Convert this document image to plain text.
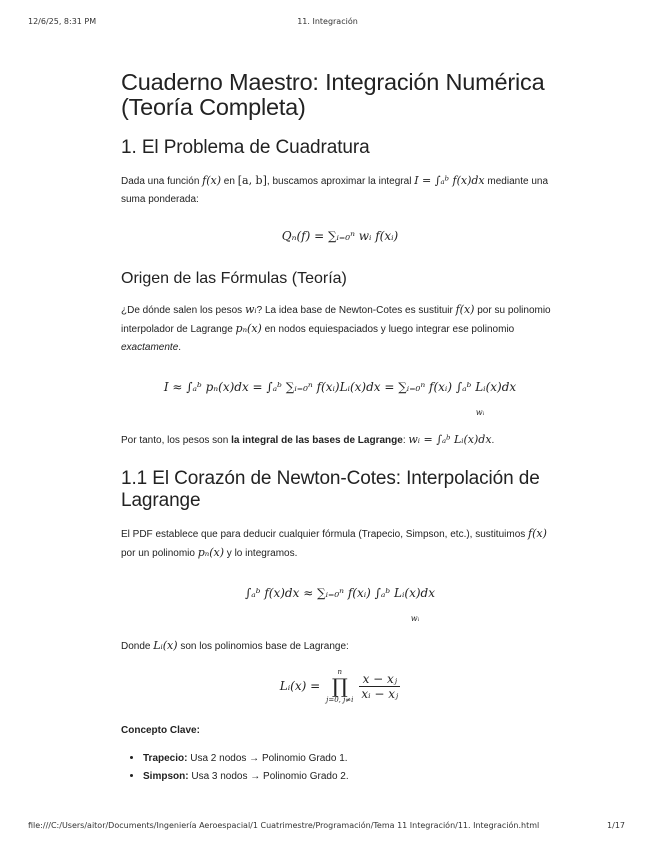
12/6/25, 8:31 PM	11. Integración
Cuaderno Maestro: Integración Numérica (Teoría Completa)
1. El Problema de Cuadratura

Dada una función f(x) en [a, b], buscamos aproximar la integral I = ∫ₐᵇ f(x)dx mediante una suma ponderada:

Qₙ(f) = ∑ᵢ₌₀ⁿ wᵢ f(xᵢ)
Origen de las Fórmulas (Teoría)

¿De dónde salen los pesos wᵢ? La idea base de Newton-Cotes es sustituir f(x) por su polinomio interpolador de Lagrange pₙ(x) en nodos equiespaciados y luego integrar ese polinomio exactamente.

I ≈ ∫ₐᵇ pₙ(x)dx = ∫ₐᵇ ∑ᵢ₌₀ⁿ f(xᵢ)Lᵢ(x)dx = ∑ᵢ₌₀ⁿ f(xᵢ) ∫ₐᵇ Lᵢ(x)dx
wᵢ

Por tanto, los pesos son la integral de las bases de Lagrange: wᵢ = ∫ₐᵇ Lᵢ(x)dx.

1.1 El Corazón de Newton-Cotes: Interpolación de Lagrange

El PDF establece que para deducir cualquier fórmula (Trapecio, Simpson, etc.), sustituimos f(x) por un polinomio pₙ(x) y lo integramos.

∫ₐᵇ f(x)dx ≈ ∑ᵢ₌₀ⁿ f(xᵢ) ∫ₐᵇ Lᵢ(x)dx
wᵢ

Donde Lᵢ(x) son los polinomios base de Lagrange:

Lᵢ(x) =
n
∏
j=0, j≠i
x − xⱼ
xᵢ − xⱼ

Concepto Clave:

• Trapecio: Usa 2 nodos → Polinomio Grado 1.
• Simpson: Usa 3 nodos → Polinomio Grado 2.
file:///C:/Users/aitor/Documents/Ingeniería Aeroespacial/1 Cuatrimestre/Programación/Tema 11 Integración/11. Integración.html	1/17
